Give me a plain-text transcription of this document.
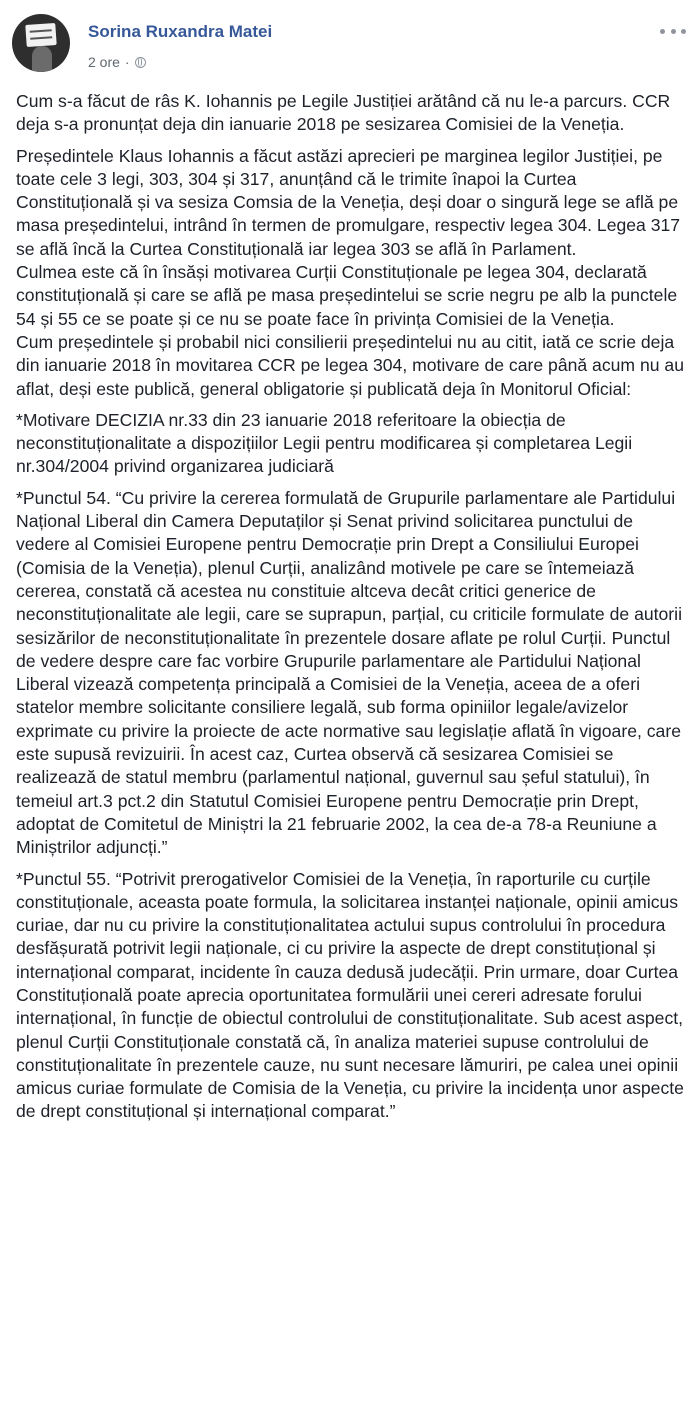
Sorina Ruxandra Matei
2 ore ·

Cum s-a făcut de râs K. Iohannis pe Legile Justiției arătând că nu le-a parcurs. CCR deja s-a pronunțat deja din ianuarie 2018 pe sesizarea Comisiei de la Veneția.

Președintele Klaus Iohannis a făcut astăzi aprecieri pe marginea legilor Justiției, pe toate cele 3 legi, 303, 304 și 317, anunțând că le trimite înapoi la Curtea Constituțională și va sesiza Comsia de la Veneția, deși doar o singură lege se află pe masa președintelui, intrând în termen de promulgare, respectiv legea 304. Legea 317 se află încă la Curtea Constituțională iar legea 303 se află în Parlament.

Culmea este că în însăși motivarea Curții Constituționale pe legea 304, declarată constituțională și care se află pe masa președintelui se scrie negru pe alb la punctele 54 și 55 ce se poate și ce nu se poate face în privința Comisiei de la Veneția.

Cum președintele și probabil nici consilierii președintelui nu au citit, iată ce scrie deja din ianuarie 2018 în movitarea CCR pe legea 304, motivare de care până acum nu au aflat, deși este publică, general obligatorie și publicată deja în Monitorul Oficial:

*Motivare DECIZIA nr.33 din 23 ianuarie 2018 referitoare la obiecția de neconstituționalitate a dispozițiilor Legii pentru modificarea și completarea Legii nr.304/2004 privind organizarea judiciară

*Punctul 54. “Cu privire la cererea formulată de Grupurile parlamentare ale Partidului Național Liberal din Camera Deputaților și Senat privind solicitarea punctului de vedere al Comisiei Europene pentru Democrație prin Drept a Consiliului Europei (Comisia de la Veneția), plenul Curții, analizând motivele pe care se întemeiază cererea, constată că acestea nu constituie altceva decât critici generice de neconstituționalitate ale legii, care se suprapun, parțial, cu criticile formulate de autorii sesizărilor de neconstituționalitate în prezentele dosare aflate pe rolul Curții. Punctul de vedere despre care fac vorbire Grupurile parlamentare ale Partidului Național Liberal vizează competența principală a Comisiei de la Veneția, aceea de a oferi statelor membre solicitante consiliere legală, sub forma opiniilor legale/avizelor exprimate cu privire la proiecte de acte normative sau legislație aflată în vigoare, care este supusă revizuirii. În acest caz, Curtea observă că sesizarea Comisiei se realizează de statul membru (parlamentul național, guvernul sau șeful statului), în temeiul art.3 pct.2 din Statutul Comisiei Europene pentru Democrație prin Drept, adoptat de Comitetul de Miniștri la 21 februarie 2002, la cea de-a 78-a Reuniune a Miniștrilor adjuncți.”

*Punctul 55. “Potrivit prerogativelor Comisiei de la Veneția, în raporturile cu curțile constituționale, aceasta poate formula, la solicitarea instanței naționale, opinii amicus curiae, dar nu cu privire la constituționalitatea actului supus controlului în procedura desfășurată potrivit legii naționale, ci cu privire la aspecte de drept constituțional și internațional comparat, incidente în cauza dedusă judecății. Prin urmare, doar Curtea Constituțională poate aprecia oportunitatea formulării unei cereri adresate forului internațional, în funcție de obiectul controlului de constituționalitate. Sub acest aspect, plenul Curții Constituționale constată că, în analiza materiei supuse controlului de constituționalitate în prezentele cauze, nu sunt necesare lămuriri, pe calea unei opinii amicus curiae formulate de Comisia de la Veneția, cu privire la incidența unor aspecte de drept constituțional și internațional comparat.”
